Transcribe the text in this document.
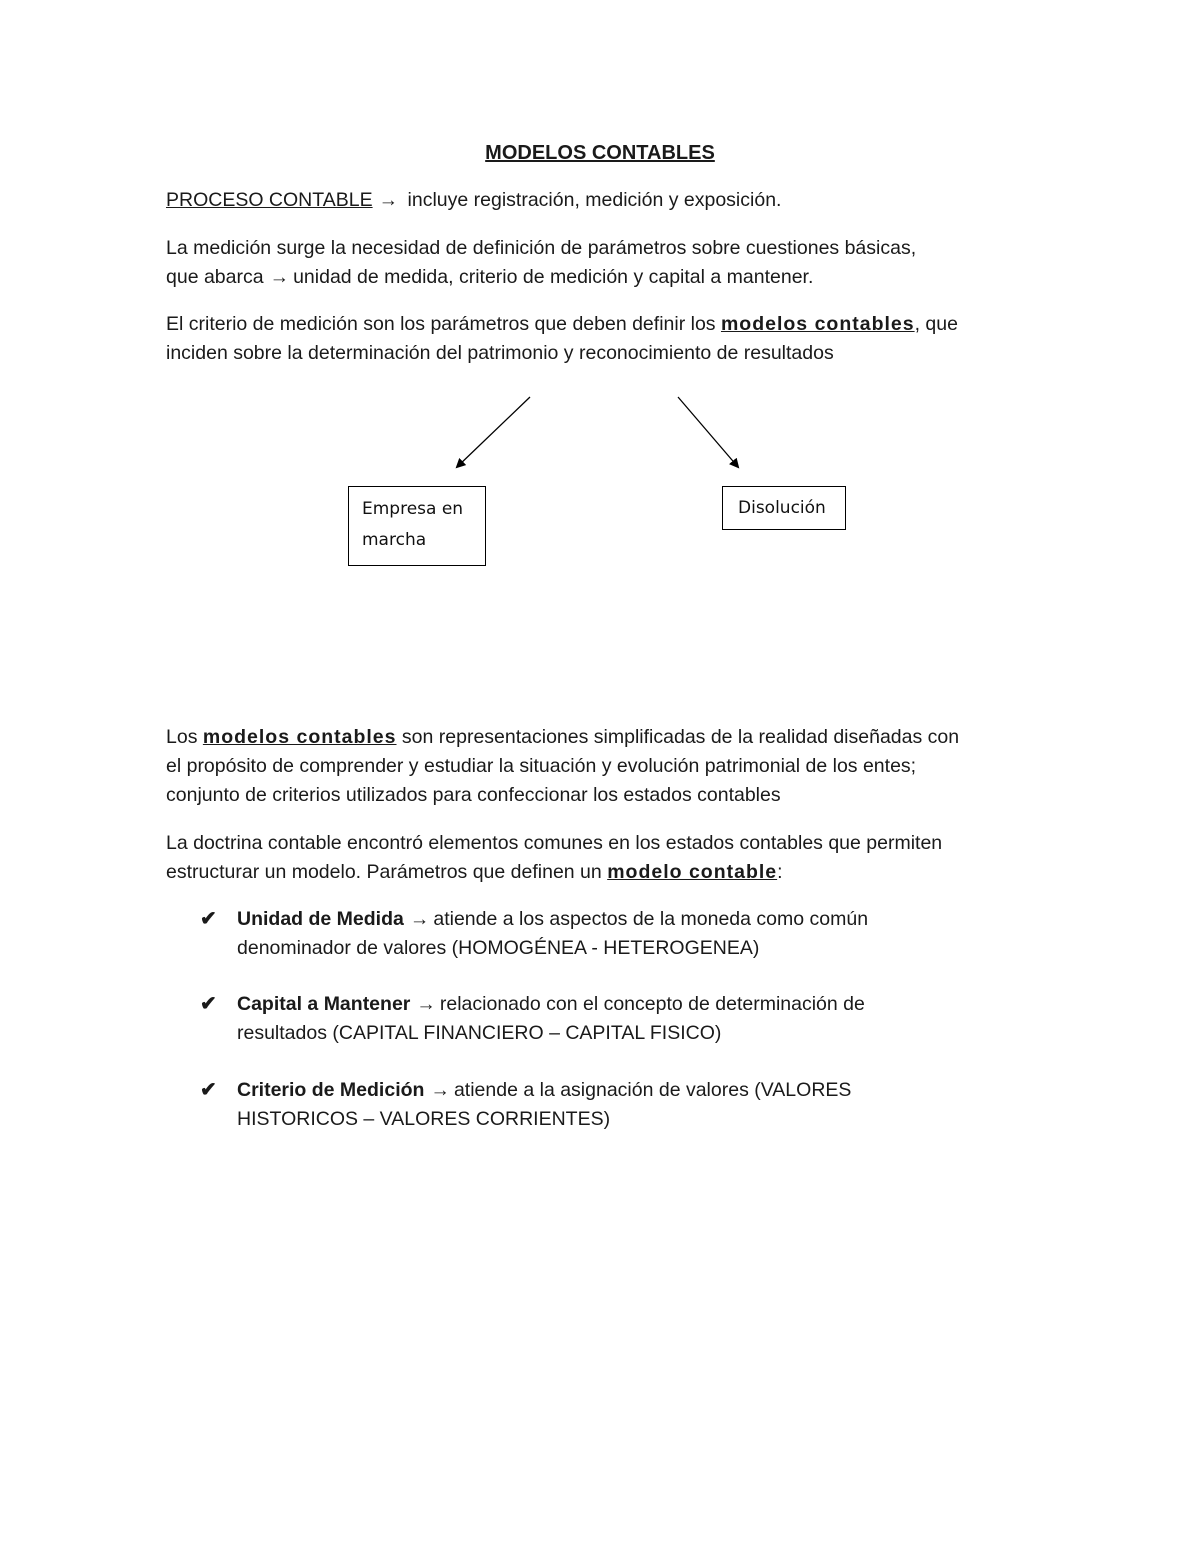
MODELOS CONTABLES
PROCESO CONTABLE → incluye registración, medición y exposición.
La medición surge la necesidad de definición de parámetros sobre cuestiones básicas,
que abarca → unidad de medida, criterio de medición y capital a mantener.
El criterio de medición son los parámetros que deben definir los modelos contables, que
inciden sobre la determinación del patrimonio y reconocimiento de resultados
Empresa en
marcha
Disolución
Los modelos contables son representaciones simplificadas de la realidad diseñadas con
el propósito de comprender y estudiar la situación y evolución patrimonial de los entes;
conjunto de criterios utilizados para confeccionar los estados contables
La doctrina contable encontró elementos comunes en los estados contables que permiten
estructurar un modelo. Parámetros que definen un modelo contable:
✔ Unidad de Medida → atiende a los aspectos de la moneda como común
denominador de valores (HOMOGÉNEA - HETEROGENEA)
✔ Capital a Mantener → relacionado con el concepto de determinación de
resultados (CAPITAL FINANCIERO – CAPITAL FISICO)
✔ Criterio de Medición → atiende a la asignación de valores (VALORES
HISTORICOS – VALORES CORRIENTES)
